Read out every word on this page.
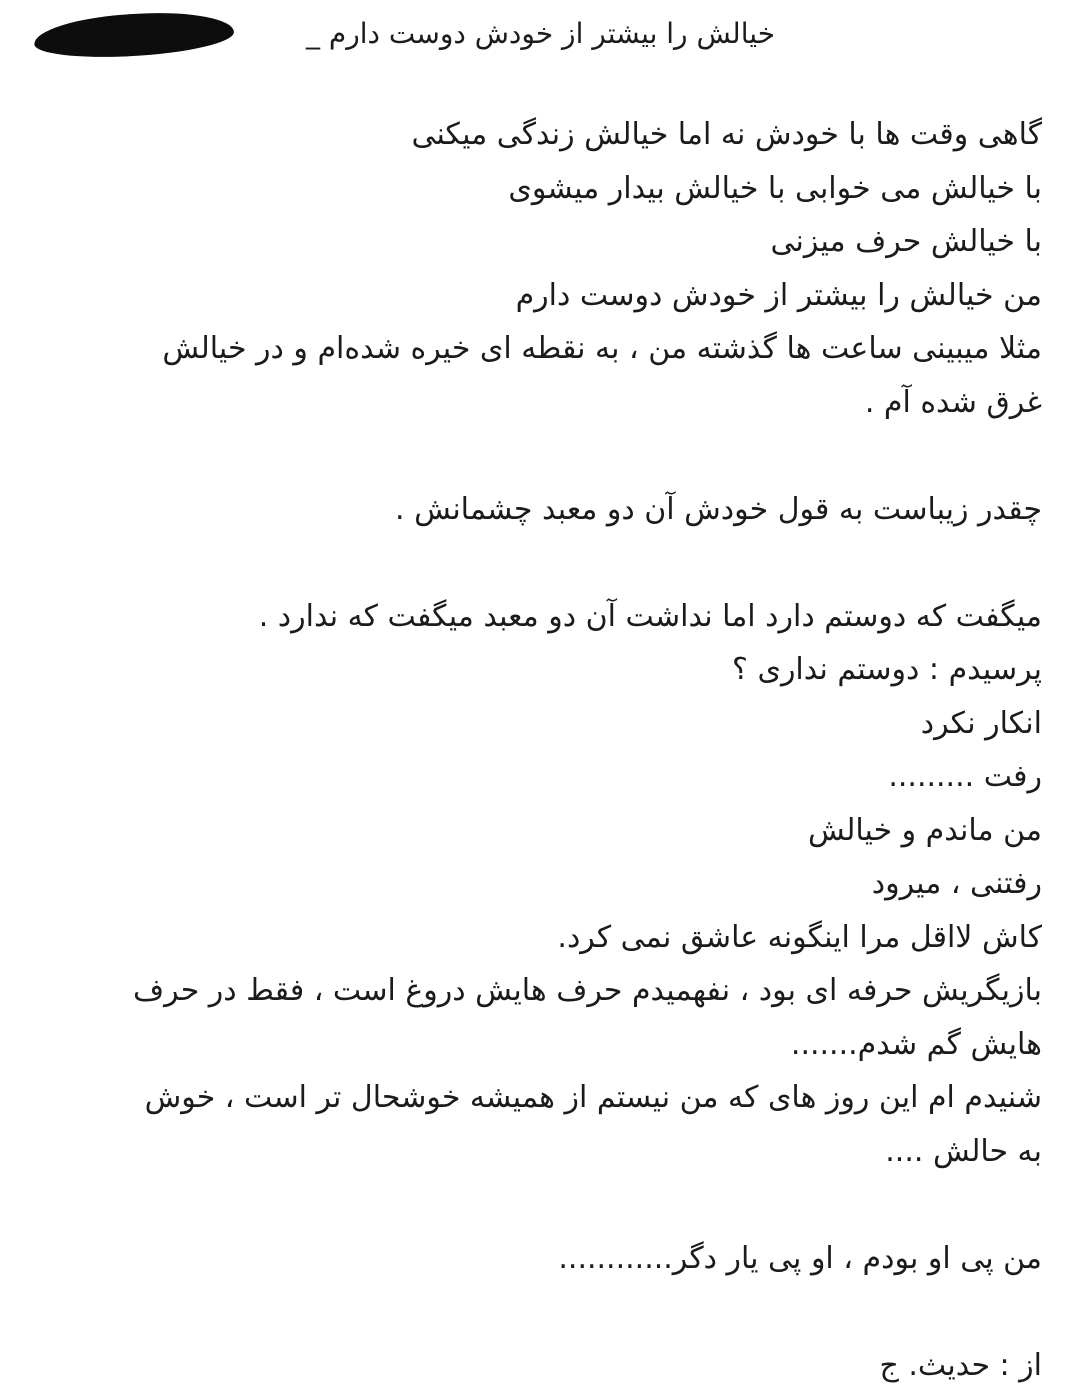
خیالش را بیشتر از خودش دوست دارم _
گاهی وقت ها با خودش نه اما خیالش زندگی میکنی
با خیالش می خوابی با خیالش بیدار میشوی
با خیالش حرف میزنی
من خیالش را بیشتر از خودش دوست دارم
مثلا میبینی ساعت ها گذشته من ، به نقطه ای خیره شده‌ام و در خیالش
غرق شده آم .
چقدر زیباست به قول خودش آن دو معبد چشمانش .
میگفت که دوستم دارد اما نداشت آن دو معبد میگفت که ندارد .
پرسیدم : دوستم نداری ؟
انکار نکرد
رفت .........
من ماندم و خیالش
رفتنی ، میرود
کاش لااقل مرا اینگونه عاشق نمی کرد.
بازیگریش حرفه ای بود ، نفهمیدم حرف هایش دروغ است ، فقط در حرف
هایش گم شدم.......
شنیدم ام این روز های که من نیستم از همیشه خوشحال تر است ، خوش
به حالش ....
من پی او بودم ، او پی یار دگر............
از : حدیث. ج
